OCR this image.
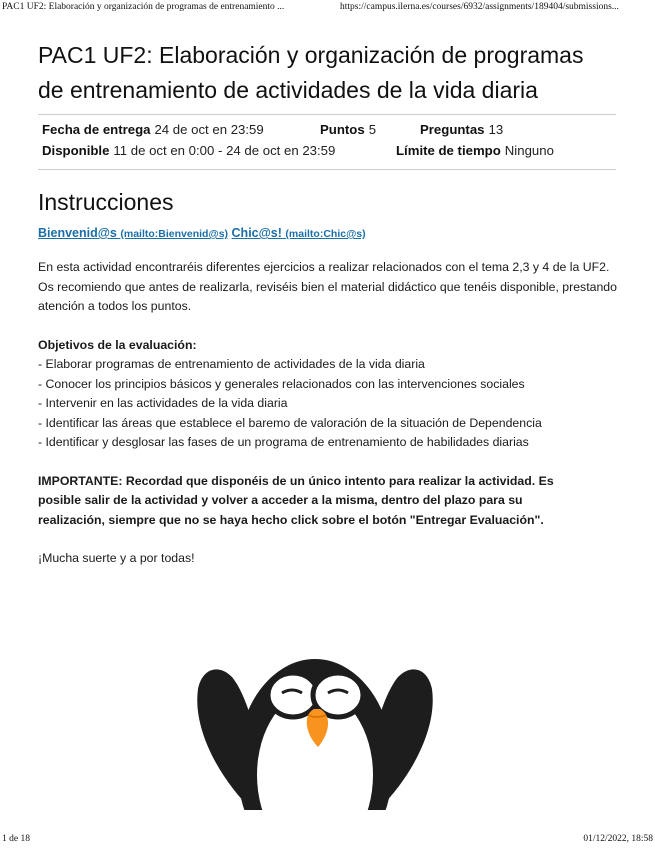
PAC1 UF2: Elaboración y organización de programas de entrenamiento ...	https://campus.ilerna.es/courses/6932/assignments/189404/submissions...
PAC1 UF2: Elaboración y organización de programas de entrenamiento de actividades de la vida diaria
Fecha de entrega 24 de oct en 23:59	Puntos 5	Preguntas 13
Disponible 11 de oct en 0:00 - 24 de oct en 23:59	Límite de tiempo Ninguno
Instrucciones
Bienvenid@s (mailto:Bienvenid@s) Chic@s! (mailto:Chic@s)

En esta actividad encontraréis diferentes ejercicios a realizar relacionados con el tema 2,3 y 4 de la UF2. Os recomiendo que antes de realizarla, reviséis bien el material didáctico que tenéis disponible, prestando atención a todos los puntos.

Objetivos de la evaluación:

- Elaborar programas de entrenamiento de actividades de la vida diaria

- Conocer los principios básicos y generales relacionados con las intervenciones sociales

- Intervenir en las actividades de la vida diaria

- Identificar las áreas que establece el baremo de valoración de la situación de Dependencia

- Identificar y desglosar las fases de un programa de entrenamiento de habilidades diarias

IMPORTANTE: Recordad que disponéis de un único intento para realizar la actividad. Es posible salir de la actividad y volver a acceder a la misma, dentro del plazo para su realización, siempre que no se haya hecho click sobre el botón "Entregar Evaluación".

¡Mucha suerte y a por todas!

1 de 18	01/12/2022, 18:58
